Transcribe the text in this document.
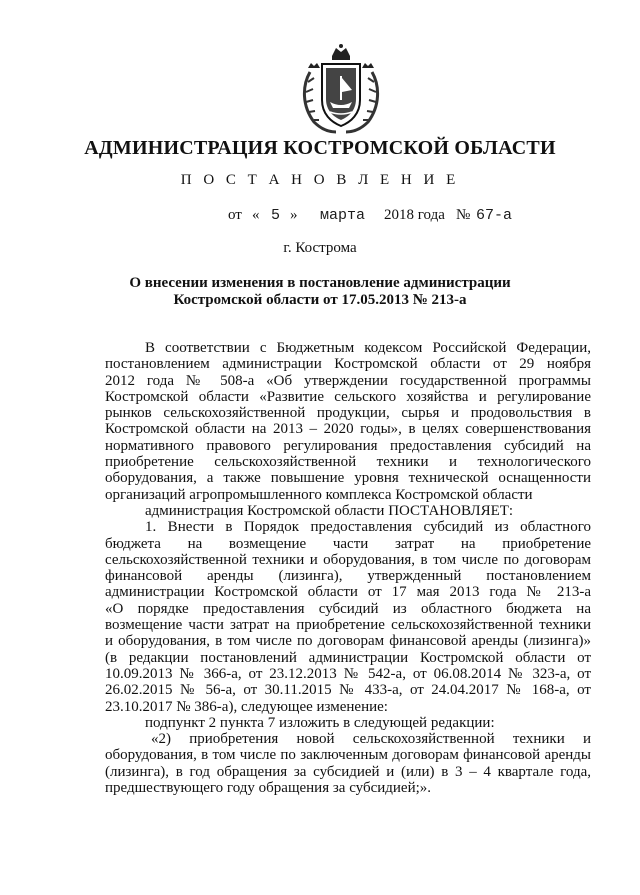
АДМИНИСТРАЦИЯ КОСТРОМСКОЙ ОБЛАСТИ
П О С Т А Н О В Л Е Н И Е
от « 5 » марта 2018 года № 67-а
г. Кострома
О внесении изменения в постановление администрации
Костромской области от 17.05.2013 № 213-а
В соответствии с Бюджетным кодексом Российской Федерации,
постановлением администрации Костромской области от 29 ноября
2012 года № 508-а «Об утверждении государственной программы
Костромской области «Развитие сельского хозяйства и регулирование
рынков сельскохозяйственной продукции, сырья и продовольствия в
Костромской области на 2013 – 2020 годы», в целях совершенствования
нормативного правового регулирования предоставления субсидий на
приобретение сельскохозяйственной техники и технологического
оборудования, а также повышение уровня технической оснащенности
организаций агропромышленного комплекса Костромской области
администрация Костромской области ПОСТАНОВЛЯЕТ:
1. Внести в Порядок предоставления субсидий из областного
бюджета на возмещение части затрат на приобретение
сельскохозяйственной техники и оборудования, в том числе по договорам
финансовой аренды (лизинга), утвержденный постановлением
администрации Костромской области от 17 мая 2013 года № 213-а
«О порядке предоставления субсидий из областного бюджета на
возмещение части затрат на приобретение сельскохозяйственной техники
и оборудования, в том числе по договорам финансовой аренды (лизинга)»
(в редакции постановлений администрации Костромской области от
10.09.2013 № 366-а, от 23.12.2013 № 542-а, от 06.08.2014 № 323-а, от
26.02.2015 № 56-а, от 30.11.2015 № 433-а, от 24.04.2017 № 168-а, от
23.10.2017 № 386-а), следующее изменение:
подпункт 2 пункта 7 изложить в следующей редакции:
«2) приобретения новой сельскохозяйственной техники и
оборудования, в том числе по заключенным договорам финансовой аренды
(лизинга), в год обращения за субсидией и (или) в 3 – 4 квартале года,
предшествующего году обращения за субсидией;».
